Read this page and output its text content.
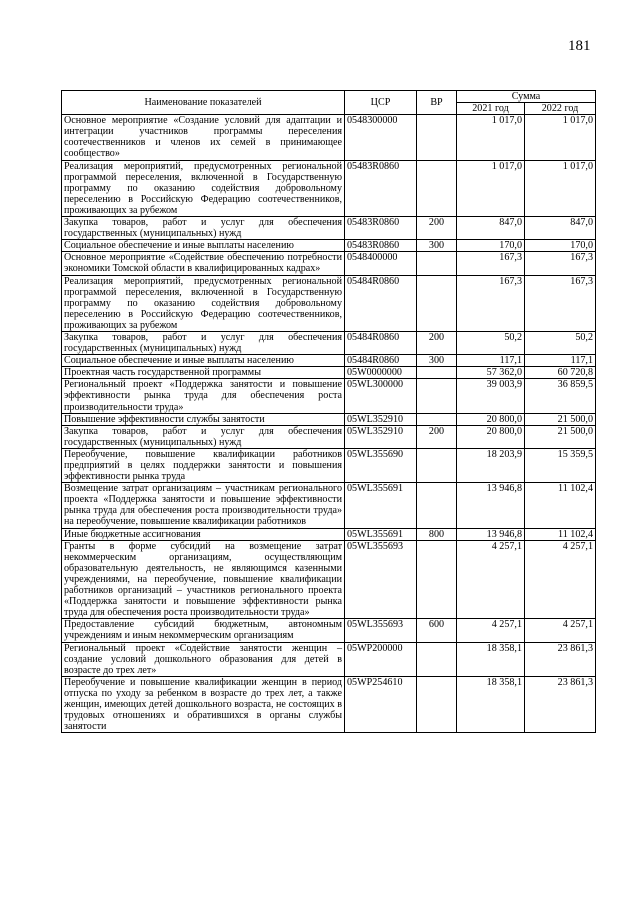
181
Наименование показателей	ЦСР	ВР	Сумма	
			2021 год	2022 год
Основное мероприятие «Создание условий для адаптации и интеграции участников программы переселения соотечественников и членов их семей в принимающее сообщество»	0548300000		1 017,0	1 017,0
Реализация мероприятий, предусмотренных региональной программой переселения, включенной в Государственную программу по оказанию содействия добровольному переселению в Российскую Федерацию соотечественников, проживающих за рубежом	05483R0860		1 017,0	1 017,0
Закупка товаров, работ и услуг для обеспечения государственных (муниципальных) нужд	05483R0860	200	847,0	847,0
Социальное обеспечение и иные выплаты населению	05483R0860	300	170,0	170,0
Основное мероприятие «Содействие обеспечению потребности экономики Томской области в квалифицированных кадрах»	0548400000		167,3	167,3
Реализация мероприятий, предусмотренных региональной программой переселения, включенной в Государственную программу по оказанию содействия добровольному переселению в Российскую Федерацию соотечественников, проживающих за рубежом	05484R0860		167,3	167,3
Закупка товаров, работ и услуг для обеспечения государственных (муниципальных) нужд	05484R0860	200	50,2	50,2
Социальное обеспечение и иные выплаты населению	05484R0860	300	117,1	117,1
Проектная часть государственной программы	05W0000000		57 362,0	60 720,8
Региональный проект «Поддержка занятости и повышение эффективности рынка труда для обеспечения роста производительности труда»	05WL300000		39 003,9	36 859,5
Повышение эффективности службы занятости	05WL352910		20 800,0	21 500,0
Закупка товаров, работ и услуг для обеспечения государственных (муниципальных) нужд	05WL352910	200	20 800,0	21 500,0
Переобучение, повышение квалификации работников предприятий в целях поддержки занятости и повышения эффективности рынка труда	05WL355690		18 203,9	15 359,5
Возмещение затрат организациям – участникам регионального проекта «Поддержка занятости и повышение эффективности рынка труда для обеспечения роста производительности труда» на переобучение, повышение квалификации работников	05WL355691		13 946,8	11 102,4
Иные бюджетные ассигнования	05WL355691	800	13 946,8	11 102,4
Гранты в форме субсидий на возмещение затрат некоммерческим организациям, осуществляющим образовательную деятельность, не являющимся казенными учреждениями, на переобучение, повышение квалификации работников организаций – участников регионального проекта «Поддержка занятости и повышение эффективности рынка труда для обеспечения роста производительности труда»	05WL355693		4 257,1	4 257,1
Предоставление субсидий бюджетным, автономным учреждениям и иным некоммерческим организациям	05WL355693	600	4 257,1	4 257,1
Региональный проект «Содействие занятости женщин – создание условий дошкольного образования для детей в возрасте до трех лет»	05WP200000		18 358,1	23 861,3
Переобучение и повышение квалификации женщин в период отпуска по уходу за ребенком в возрасте до трех лет, а также женщин, имеющих детей дошкольного возраста, не состоящих в трудовых отношениях и обратившихся в органы службы занятости	05WP254610		18 358,1	23 861,3
